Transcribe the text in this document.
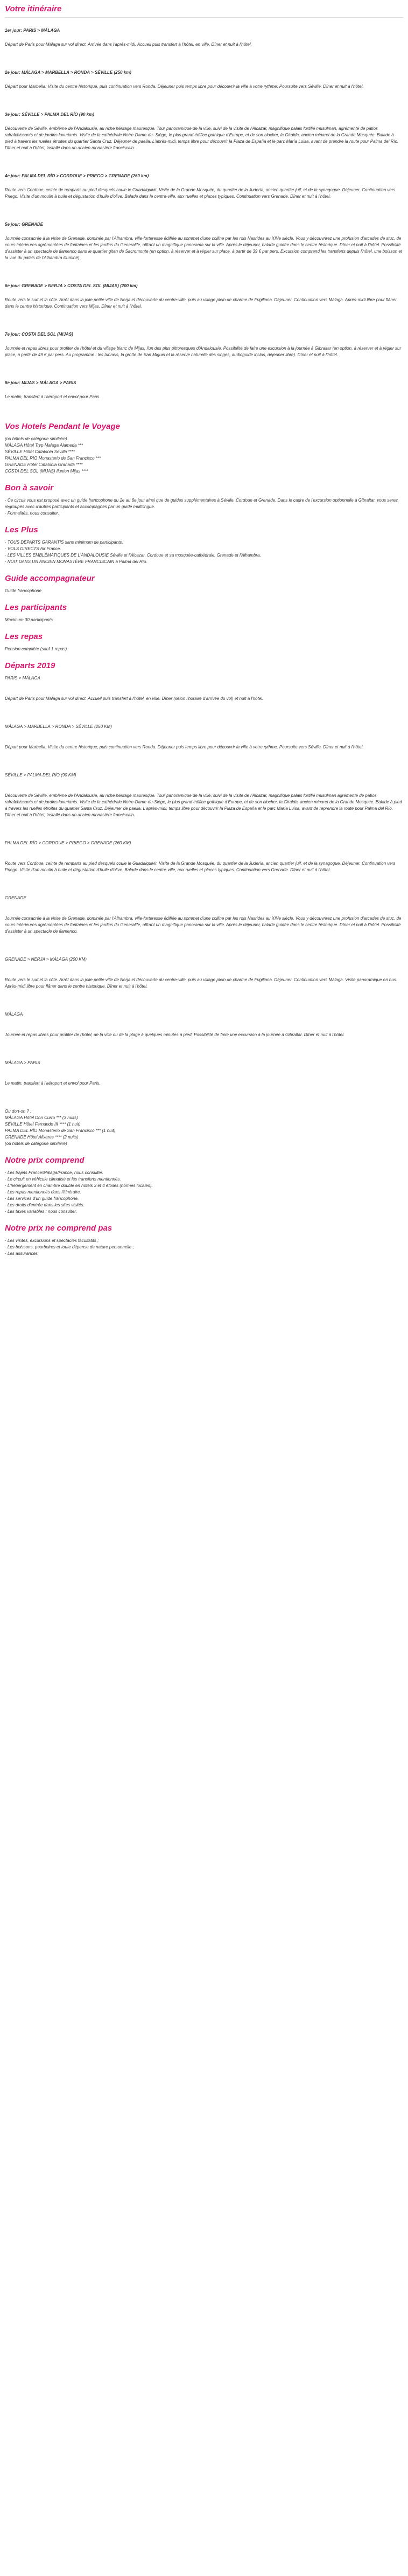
Votre itinéraire

1er jour: PARIS > MÁLAGA

Départ de Paris pour Málaga sur vol direct. Arrivée dans l'après-midi. Accueil puis transfert à l'hôtel, en ville. Dîner et nuit à l'hôtel.

2e jour: MÁLAGA > MARBELLA > RONDA > SÉVILLE (250 km)

Départ pour Marbella. Visite du centre historique, puis continuation vers Ronda. Déjeuner puis temps libre pour découvrir la ville à votre rythme. Poursuite vers Séville. Dîner et nuit à l'hôtel.

3e jour: SÉVILLE > PALMA DEL RÍO (90 km)

Découverte de Séville, emblème de l'Andalousie, au riche héritage mauresque. Tour panoramique de la ville, suivi de la visite de l'Alcazar, magnifique palais fortifié musulman, agrémenté de patios rafraîchissants et de jardins luxuriants. Visite de la cathédrale Notre-Dame-du- Siège, le plus grand édifice gothique d'Europe, et de son clocher, la Giralda, ancien minaret de la Grande Mosquée. Balade à pied à travers les ruelles étroites du quartier Santa Cruz. Déjeuner de paella. L'après-midi, temps libre pour découvrir la Plaza de España et le parc María Luisa, avant de prendre la route pour Palma del Río. Dîner et nuit à l'hôtel, installé dans un ancien monastère franciscain.

4e jour: PALMA DEL RÍO > CORDOUE > PRIEGO > GRENADE (260 km)

Route vers Cordoue, ceinte de remparts au pied desquels coule le Guadalquivir. Visite de la Grande Mosquée, du quartier de la Judería, ancien quartier juif, et de la synagogue. Déjeuner. Continuation vers Priego. Visite d'un moulin à huile et dégustation d'huile d'olive. Balade dans le centre-ville, aux ruelles et places typiques. Continuation vers Grenade. Dîner et nuit à l'hôtel.

5e jour: GRENADE

Journée consacrée à la visite de Grenade, dominée par l'Alhambra, ville-forteresse édifiée au sommet d'une colline par les rois Nasrides au XIVe siècle. Vous y découvrirez une profusion d'arcades de stuc, de cours intérieures agrémentées de fontaines et les jardins du Generalife, offrant un magnifique panorama sur la ville. Après le déjeuner, balade guidée dans le centre historique. Dîner et nuit à l'hôtel. Possibilité d'assister à un spectacle de flamenco dans le quartier gitan de Sacromonte (en option, à réserver et à régler sur place, à partir de 39 € par pers. Excursion comprend les transferts depuis l'hôtel, une boisson et la vue du palais de l'Alhambra illuminé).

6e jour: GRENADE > NERJA > COSTA DEL SOL (MIJAS) (200 km)

Route vers le sud et la côte. Arrêt dans la jolie petite ville de Nerja et découverte du centre-ville, puis au village plein de charme de Frigiliana. Déjeuner. Continuation vers Málaga. Après-midi libre pour flâner dans le centre historique. Continuation vers Mijas. Dîner et nuit à l'hôtel.

7e jour: COSTA DEL SOL (MIJAS)

Journée et repas libres pour profiter de l'hôtel et du village blanc de Mijas, l'un des plus pittoresques d'Andalousie. Possibilité de faire une excursion à la journée à Gibraltar (en option, à réserver et à régler sur place, à partir de 49 € par pers. Au programme : les tunnels, la grotte de San Miguel et la réserve naturelle des singes, audioguide inclus, déjeuner libre). Dîner et nuit à l'hôtel.

8e jour: MIJAS > MÁLAGA > PARIS

Le matin, transfert à l'aéroport et envol pour Paris.

Vos Hotels Pendant le Voyage

(ou hôtels de catégorie similaire)

MÁLAGA Hôtel Tryp Malaga Alameda ***

SÉVILLE Hôtel Catalonia Sevilla ****

PALMA DEL RÍO Monasterio de San Francisco ***

GRENADE Hôtel Catalonia Granada ****

COSTA DEL SOL (MIJAS) Ilunion Mijas ****

Bon à savoir

· Ce circuit vous est proposé avec un guide francophone du 2e au 6e jour ainsi que de guides supplémentaires à Séville, Cordoue et Grenade. Dans le cadre de l'excursion optionnelle à Gibraltar, vous serez regroupés avec d'autres participants et accompagnés par un guide multilingue.

· Formalités, nous consulter.

Les Plus

· TOUS DÉPARTS GARANTIS sans minimum de participants.

· VOLS DIRECTS Air France.

· LES VILLES EMBLÉMATIQUES DE L'ANDALOUSIE Séville et l'Alcazar, Cordoue et sa mosquée-cathédrale, Grenade et l'Alhambra.

· NUIT DANS UN ANCIEN MONASTÈRE FRANCISCAIN à Palma del Río.

Guide accompagnateur

Guide francophone

Les participants

Maximum 30 participants

Les repas

Pension complète (sauf 1 repas)

Départs 2019

PARIS > MÁLAGA

Départ de Paris pour Málaga sur vol direct. Accueil puis transfert à l'hôtel, en ville. Dîner (selon l'horaire d'arrivée du vol) et nuit à l'hôtel.

MÁLAGA > MARBELLA > RONDA > SÉVILLE (250 KM)

Départ pour Marbella. Visite du centre historique, puis continuation vers Ronda. Déjeuner puis temps libre pour découvrir la ville à votre rythme. Poursuite vers Séville. Dîner et nuit à l'hôtel.

SÉVILLE > PALMA DEL RÍO (90 KM)

Découverte de Séville, emblème de l'Andalousie, au riche héritage mauresque. Tour panoramique de la ville, suivi de la visite de l'Alcazar, magnifique palais fortifié musulman agrémenté de patios rafraîchissants et de jardins luxuriants. Visite de la cathédrale Notre-Dame-du-Siège, le plus grand édifice gothique d'Europe, et de son clocher, la Giralda, ancien minaret de la Grande Mosquée. Balade à pied à travers les ruelles étroites du quartier Santa Cruz. Déjeuner de paella. L'après-midi, temps libre pour découvrir la Plaza de España et le parc María Luisa, avant de reprendre la route pour Palma del Río. Dîner et nuit à l'hôtel, installé dans un ancien monastère franciscain.

PALMA DEL RÍO > CORDOUE > PRIEGO > GRENADE (260 KM)

Route vers Cordoue, ceinte de remparts au pied desquels coule le Guadalquivir. Visite de la Grande Mosquée, du quartier de la Judería, ancien quartier juif, et de la synagogue. Déjeuner. Continuation vers Priego. Visite d'un moulin à huile et dégustation d'huile d'olive. Balade dans le centre-ville, aux ruelles et places typiques. Continuation vers Grenade. Dîner et nuit à l'hôtel.

GRENADE

Journée consacrée à la visite de Grenade, dominée par l'Alhambra, ville-forteresse édifiée au sommet d'une colline par les rois Nasrides au XIVe siècle. Vous y découvrirez une profusion d'arcades de stuc, de cours intérieures agrémentées de fontaines et les jardins du Generalife, offrant un magnifique panorama sur la ville. Après le déjeuner, balade guidée dans le centre historique. Dîner et nuit à l'hôtel. Possibilité d'assister à un spectacle de flamenco.

GRENADE > NERJA > MÁLAGA (200 KM)

Route vers le sud et la côte. Arrêt dans la jolie petite ville de Nerja et découverte du centre-ville, puis au village plein de charme de Frigiliana. Déjeuner. Continuation vers Málaga. Visite panoramique en bus. Après-midi libre pour flâner dans le centre historique. Dîner et nuit à l'hôtel.

MÁLAGA

Journée et repas libres pour profiter de l'hôtel, de la ville ou de la plage à quelques minutes à pied. Possibilité de faire une excursion à la journée à Gibraltar. Dîner et nuit à l'hôtel.

MÁLAGA > PARIS

Le matin, transfert à l'aéroport et envol pour Paris.

Ou dort-on ? :

MÁLAGA Hôtel Don Curro *** (3 nuits)

SÉVILLE Hôtel Fernando III **** (1 nuit)

PALMA DEL RÍO Monasterio de San Francisco *** (1 nuit)

GRENADE Hôtel Alixares **** (2 nuits)

(ou hôtels de catégorie similaire)

Notre prix comprend

· Les trajets France/Málaga/France, nous consulter.

· Le circuit en véhicule climatisé et les transferts mentionnés.

· L'hébergement en chambre double en hôtels 3 et 4 étoiles (normes locales).

· Les repas mentionnés dans l'itinéraire.

· Les services d'un guide francophone.

· Les droits d'entrée dans les sites visités.

· Les taxes variables : nous consulter.

Notre prix ne comprend pas

· Les visites, excursions et spectacles facultatifs ;

· Les boissons, pourboires et toute dépense de nature personnelle ;

· Les assurances.
